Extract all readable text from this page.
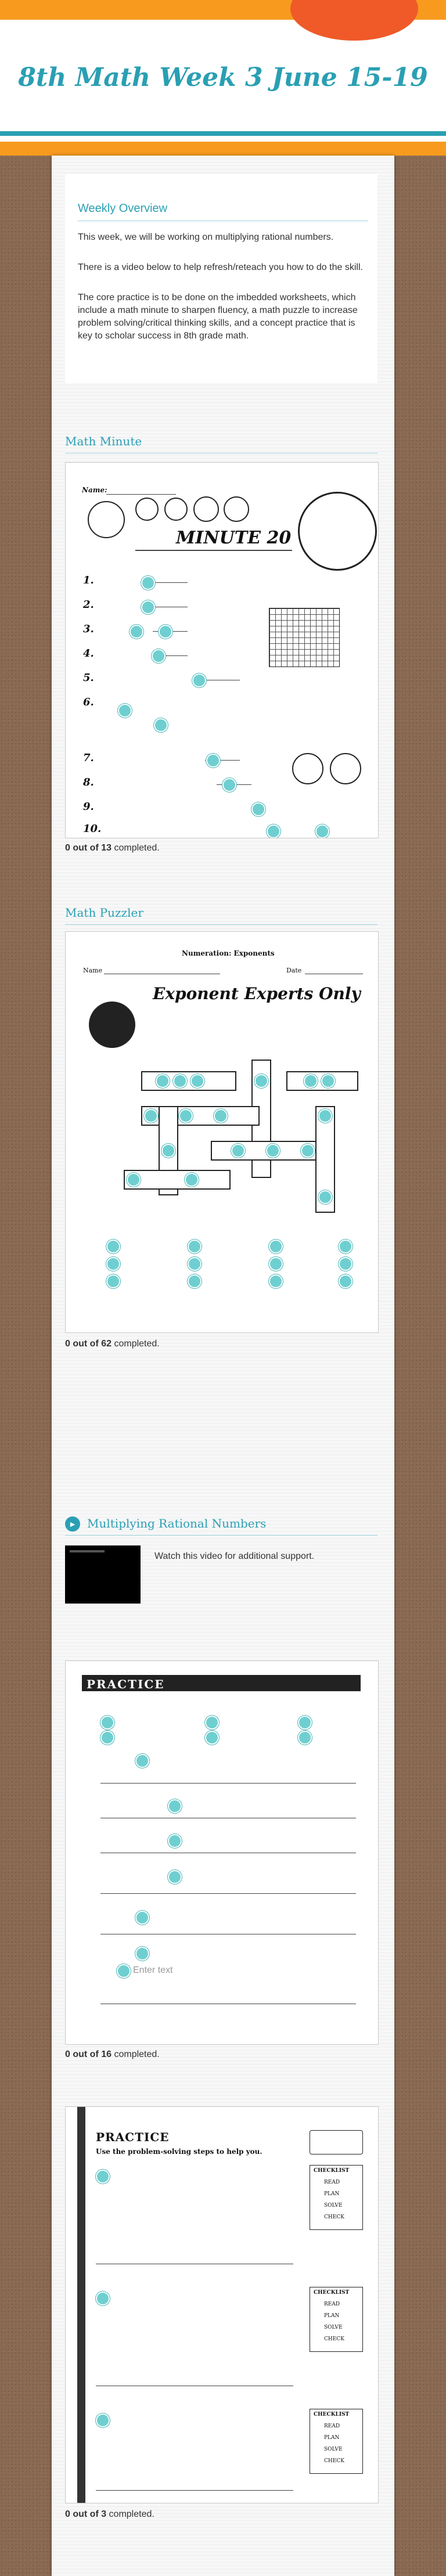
8th Math Week 3 June 15-19
Weekly Overview

This week, we will be working on multiplying rational numbers.

There is a video below to help refresh/reteach you how to do the skill.

The core practice is to be done on the imbedded worksheets, which include a math minute to sharpen fluency, a math puzzle to increase problem solving/critical thinking skills, and a concept practice that is key to scholar success in 8th grade math.

Math Minute
Name:
MINUTE 20
1.
2.
3.
4.
5.
6.
7.
8.
9.
10.
0 out of 13 completed.
Math Puzzler
Numeration: Exponents
Name	Date
Exponent Experts Only
0 out of 62 completed.
► Multiplying Rational Numbers
Watch this video for additional support.
PRACTICE
Enter text
0 out of 16 completed.
PRACTICE
Use the problem-solving steps to help you.
CHECKLIST
READ
PLAN
SOLVE
CHECK
CHECKLIST
READ
PLAN
SOLVE
CHECK
CHECKLIST
READ
PLAN
SOLVE
CHECK
0 out of 3 completed.
